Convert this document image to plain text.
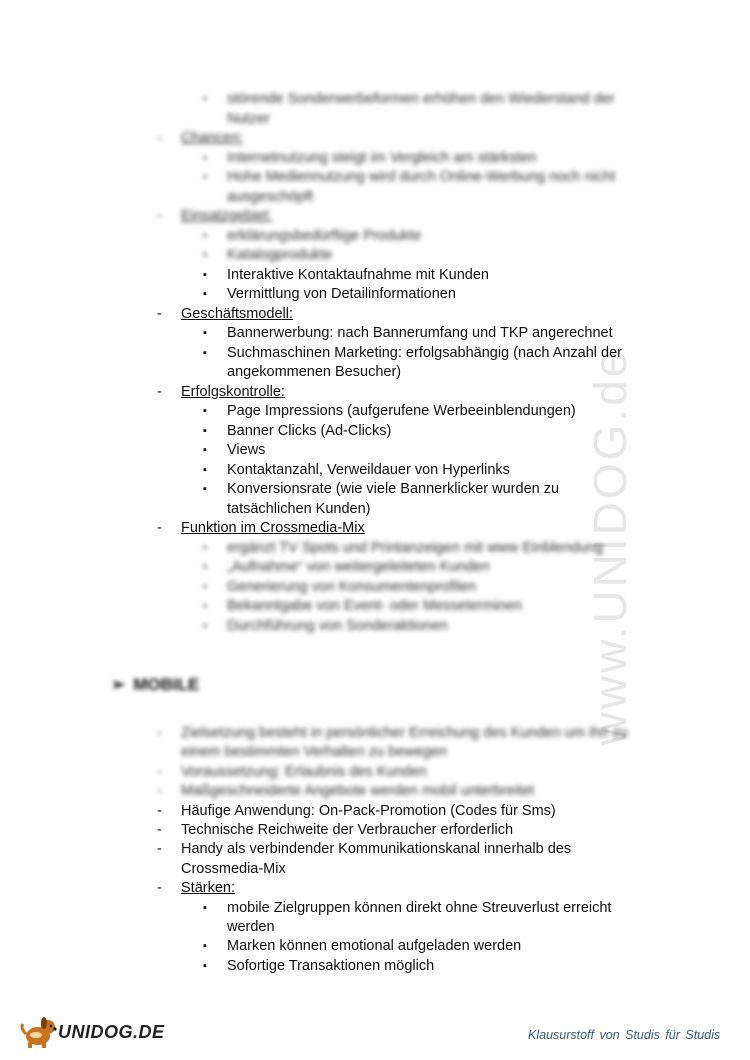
www.UNIDOG.de
▪ störende Sonderwerbeformen erhöhen den Wiederstand der
Nutzer
-	Chancen:
▪ Internetnutzung steigt im Vergleich am stärksten
▪ Hohe Mediennutzung wird durch Online-Werbung noch nicht
ausgeschöpft
-	Einsatzgebiet:
▪ erklärungsbedürftige Produkte
▪ Katalogprodukte
▪ Interaktive Kontaktaufnahme mit Kunden
▪ Vermittlung von Detailinformationen
-	Geschäftsmodell:
▪ Bannerwerbung: nach Bannerumfang und TKP angerechnet
▪ Suchmaschinen Marketing: erfolgsabhängig (nach Anzahl der
angekommenen Besucher)
-	Erfolgskontrolle:
▪ Page Impressions (aufgerufene Werbeeinblendungen)
▪ Banner Clicks (Ad-Clicks)
▪ Views
▪ Kontaktanzahl, Verweildauer von Hyperlinks
▪ Konversionsrate (wie viele Bannerklicker wurden zu
tatsächlichen Kunden)
-	Funktion im Crossmedia-Mix
▪ ergänzt TV Spots und Printanzeigen mit www Einblendung
▪ „Aufnahme“ von weitergeleiteten Kunden
▪ Generierung von Konsumentenprofilen
▪ Bekanntgabe von Event- oder Messeterminen
▪ Durchführung von Sonderaktionen
➢ MOBILE
-	Zielsetzung besteht in persönlicher Erreichung des Kunden um ihn zu
einem bestimmten Verhalten zu bewegen
-	Voraussetzung: Erlaubnis des Kunden
-	Maßgeschneiderte Angebote werden mobil unterbreitet
-	Häufige Anwendung: On-Pack-Promotion (Codes für Sms)
-	Technische Reichweite der Verbraucher erforderlich
-	Handy als verbindender Kommunikationskanal innerhalb des
Crossmedia-Mix
-	Stärken:
▪ mobile Zielgruppen können direkt ohne Streuverlust erreicht
werden
▪ Marken können emotional aufgeladen werden
▪ Sofortige Transaktionen möglich
UNIDOG.DE	Klausurstoff von Studis für Studis
